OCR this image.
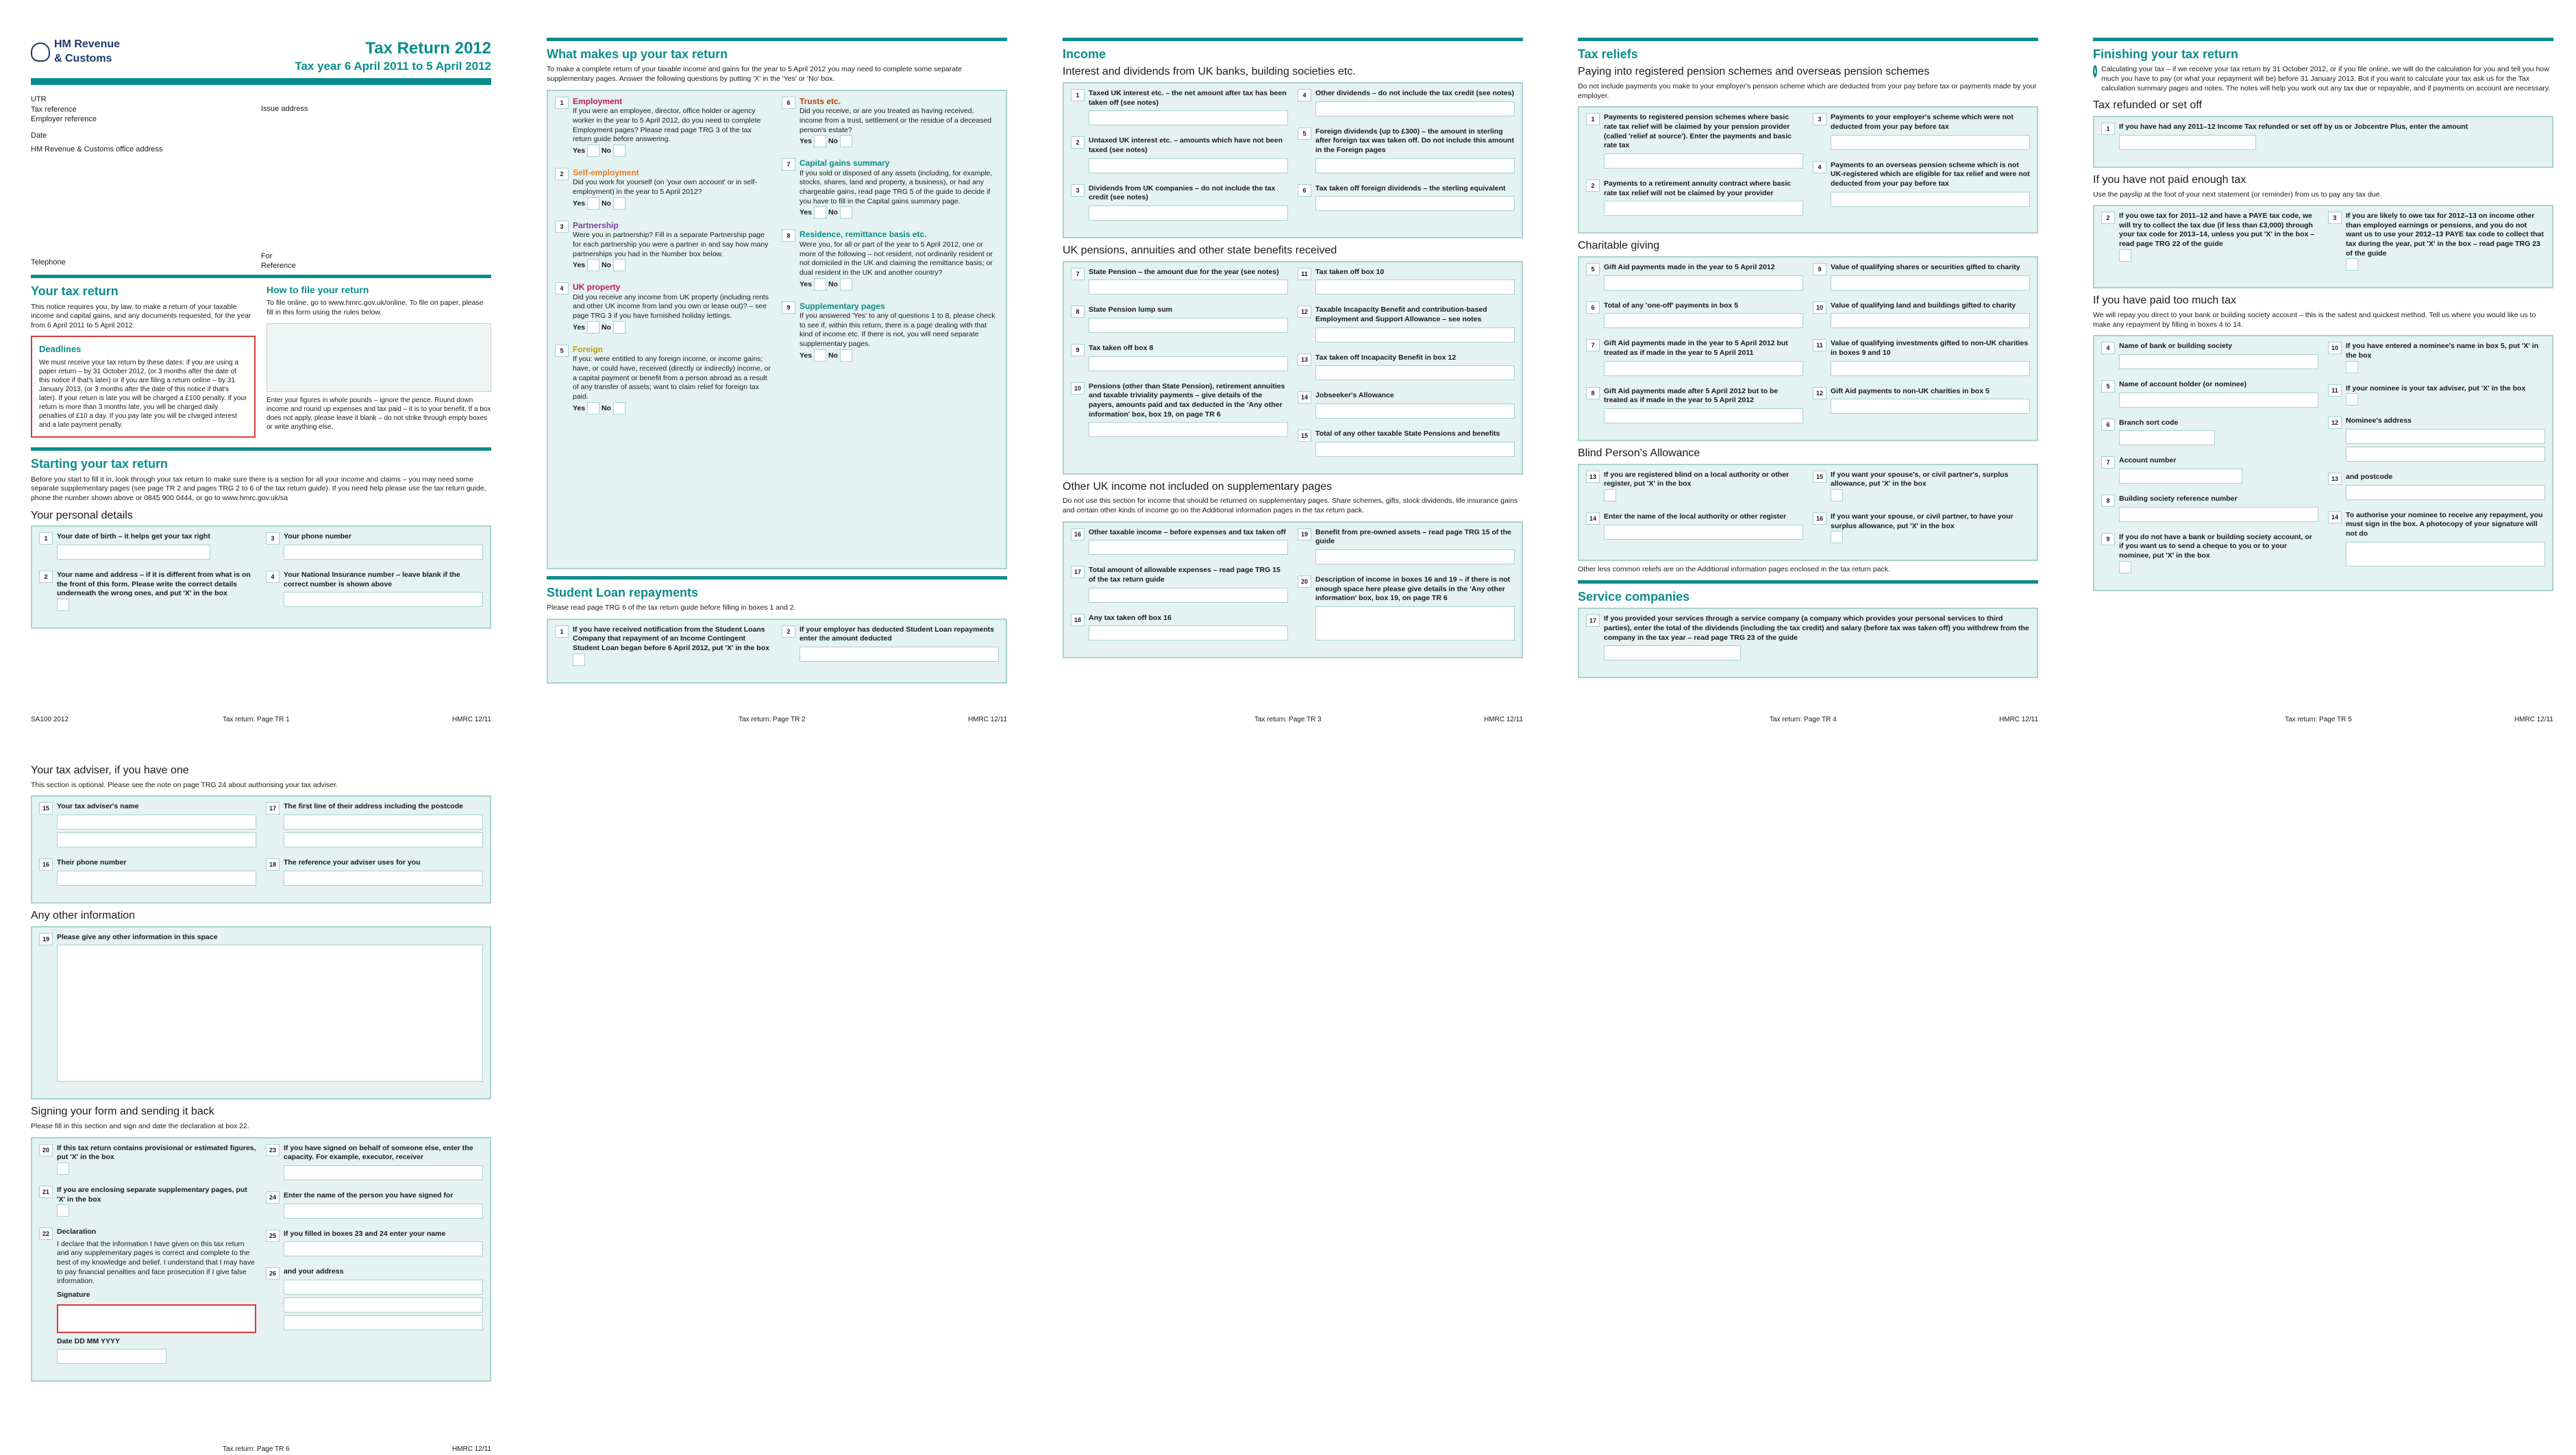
HM Revenue & Customs
Tax Return 2012
Tax year 6 April 2011 to 5 April 2012
UTR
Tax reference
Employer reference
Date
HM Revenue & Customs office address
Telephone
Issue address
For Reference
Your tax return
This notice requires you, by law, to make a return of your taxable income and capital gains, and any documents requested, for the year from 6 April 2011 to 5 April 2012.
Deadlines
We must receive your tax return by these dates: if you are using a paper return – by 31 October 2012, (or 3 months after the date of this notice if that's later) or if you are filing a return online – by 31 January 2013, (or 3 months after the date of this notice if that's later). If your return is late you will be charged a £100 penalty. If your return is more than 3 months late, you will be charged daily penalties of £10 a day. If you pay late you will be charged interest and a late payment penalty.
How to file your return
To file online, go to www.hmrc.gov.uk/online. To file on paper, please fill in this form using the rules below.
Enter your figures in whole pounds – ignore the pence. Round down income and round up expenses and tax paid – it is to your benefit. If a box does not apply, please leave it blank – do not strike through empty boxes or write anything else.
Starting your tax return
Before you start to fill it in, look through your tax return to make sure there is a section for all your income and claims – you may need some separate supplementary pages (see page TR 2 and pages TRG 2 to 6 of the tax return guide). If you need help please use the tax return guide, phone the number shown above or 0845 900 0444, or go to www.hmrc.gov.uk/sa
Your personal details
1	Your date of birth – it helps get your tax right
2	Your name and address – if it is different from what is on the front of this form. Please write the correct details underneath the wrong ones, and put 'X' in the box

3	Your phone number
4	Your National Insurance number – leave blank if the correct number is shown above
SA100 2012	Tax return: Page TR 1	HMRC 12/11
What makes up your tax return
To make a complete return of your taxable income and gains for the year to 5 April 2012 you may need to complete some separate supplementary pages. Answer the following questions by putting 'X' in the 'Yes' or 'No' box.
1	Employment
If you were an employee, director, office holder or agency worker in the year to 5 April 2012, do you need to complete Employment pages? Please read page TRG 3 of the tax return guide before answering.
Yes No
2	Self-employment
Did you work for yourself (on 'your own account' or in self-employment) in the year to 5 April 2012?
Yes No
3	Partnership
Were you in partnership? Fill in a separate Partnership page for each partnership you were a partner in and say how many partnerships you had in the Number box below.
Yes No
4	UK property
Did you receive any income from UK property (including rents and other UK income from land you own or lease out)? – see page TRG 3 if you have furnished holiday lettings.
Yes No
5	Foreign
If you: were entitled to any foreign income, or income gains; have, or could have, received (directly or indirectly) income, or a capital payment or benefit from a person abroad as a result of any transfer of assets; want to claim relief for foreign tax paid.
Yes No
6	Trusts etc.
Did you receive, or are you treated as having received, income from a trust, settlement or the residue of a deceased person's estate?
Yes No
7	Capital gains summary
If you sold or disposed of any assets (including, for example, stocks, shares, land and property, a business), or had any chargeable gains, read page TRG 5 of the guide to decide if you have to fill in the Capital gains summary page.
Yes No
8	Residence, remittance basis etc.
Were you, for all or part of the year to 5 April 2012, one or more of the following – not resident, not ordinarily resident or not domiciled in the UK and claiming the remittance basis; or dual resident in the UK and another country?
Yes No
9	Supplementary pages
If you answered 'Yes' to any of questions 1 to 8, please check to see if, within this return, there is a page dealing with that kind of income etc. If there is not, you will need separate supplementary pages.
Yes No
Student Loan repayments
Please read page TRG 6 of the tax return guide before filling in boxes 1 and 2.
1	If you have received notification from the Student Loans Company that repayment of an Income Contingent Student Loan began before 6 April 2012, put 'X' in the box

2	If your employer has deducted Student Loan repayments enter the amount deducted
Tax return: Page TR 2	HMRC 12/11
Income
Interest and dividends from UK banks, building societies etc.
1	Taxed UK interest etc. – the net amount after tax has been taken off (see notes)
2	Untaxed UK interest etc. – amounts which have not been taxed (see notes)
3	Dividends from UK companies – do not include the tax credit (see notes)
4	Other dividends – do not include the tax credit (see notes)
5	Foreign dividends (up to £300) – the amount in sterling after foreign tax was taken off. Do not include this amount in the Foreign pages
6	Tax taken off foreign dividends – the sterling equivalent
UK pensions, annuities and other state benefits received
7	State Pension – the amount due for the year (see notes)
8	State Pension lump sum
9	Tax taken off box 8
10	Pensions (other than State Pension), retirement annuities and taxable triviality payments – give details of the payers, amounts paid and tax deducted in the 'Any other information' box, box 19, on page TR 6
11	Tax taken off box 10
12	Taxable Incapacity Benefit and contribution-based Employment and Support Allowance – see notes
13	Tax taken off Incapacity Benefit in box 12
14	Jobseeker's Allowance
15	Total of any other taxable State Pensions and benefits
Other UK income not included on supplementary pages
Do not use this section for income that should be returned on supplementary pages. Share schemes, gifts, stock dividends, life insurance gains and certain other kinds of income go on the Additional information pages in the tax return pack.
16	Other taxable income – before expenses and tax taken off
17	Total amount of allowable expenses – read page TRG 15 of the tax return guide
18	Any tax taken off box 16
19	Benefit from pre-owned assets – read page TRG 15 of the guide
20	Description of income in boxes 16 and 19 – if there is not enough space here please give details in the 'Any other information' box, box 19, on page TR 6
Tax return: Page TR 3	HMRC 12/11
Tax reliefs
Paying into registered pension schemes and overseas pension schemes
Do not include payments you make to your employer's pension scheme which are deducted from your pay before tax or payments made by your employer.
1	Payments to registered pension schemes where basic rate tax relief will be claimed by your pension provider (called 'relief at source'). Enter the payments and basic rate tax
2	Payments to a retirement annuity contract where basic rate tax relief will not be claimed by your provider
3	Payments to your employer's scheme which were not deducted from your pay before tax
4	Payments to an overseas pension scheme which is not UK-registered which are eligible for tax relief and were not deducted from your pay before tax
Charitable giving
5	Gift Aid payments made in the year to 5 April 2012
6	Total of any 'one-off' payments in box 5
7	Gift Aid payments made in the year to 5 April 2012 but treated as if made in the year to 5 April 2011
8	Gift Aid payments made after 5 April 2012 but to be treated as if made in the year to 5 April 2012
9	Value of qualifying shares or securities gifted to charity
10	Value of qualifying land and buildings gifted to charity
11	Value of qualifying investments gifted to non-UK charities in boxes 9 and 10
12	Gift Aid payments to non-UK charities in box 5
Blind Person's Allowance
13	If you are registered blind on a local authority or other register, put 'X' in the box

14	Enter the name of the local authority or other register
15	If you want your spouse's, or civil partner's, surplus allowance, put 'X' in the box

16	If you want your spouse, or civil partner, to have your surplus allowance, put 'X' in the box

Other less common reliefs are on the Additional information pages enclosed in the tax return pack.
Service companies
17	If you provided your services through a service company (a company which provides your personal services to third parties), enter the total of the dividends (including the tax credit) and salary (before tax was taken off) you withdrew from the company in the tax year – read page TRG 23 of the guide
Tax return: Page TR 4	HMRC 12/11
Finishing your tax return
i Calculating your tax – if we receive your tax return by 31 October 2012, or if you file online, we will do the calculation for you and tell you how much you have to pay (or what your repayment will be) before 31 January 2013. But if you want to calculate your tax ask us for the Tax calculation summary pages and notes. The notes will help you work out any tax due or repayable, and if payments on account are necessary.
Tax refunded or set off
1	If you have had any 2011–12 Income Tax refunded or set off by us or Jobcentre Plus, enter the amount
If you have not paid enough tax
Use the payslip at the foot of your next statement (or reminder) from us to pay any tax due.
2	If you owe tax for 2011–12 and have a PAYE tax code, we will try to collect the tax due (if less than £3,000) through your tax code for 2013–14, unless you put 'X' in the box – read page TRG 22 of the guide

3	If you are likely to owe tax for 2012–13 on income other than employed earnings or pensions, and you do not want us to use your 2012–13 PAYE tax code to collect that tax during the year, put 'X' in the box – read page TRG 23 of the guide

If you have paid too much tax
We will repay you direct to your bank or building society account – this is the safest and quickest method. Tell us where you would like us to make any repayment by filling in boxes 4 to 14.
4	Name of bank or building society
5	Name of account holder (or nominee)
6	Branch sort code
7	Account number
8	Building society reference number
9	If you do not have a bank or building society account, or if you want us to send a cheque to you or to your nominee, put 'X' in the box

10	If you have entered a nominee's name in box 5, put 'X' in the box

11	If your nominee is your tax adviser, put 'X' in the box

12	Nominee's address
13	and postcode
14	To authorise your nominee to receive any repayment, you must sign in the box. A photocopy of your signature will not do
Tax return: Page TR 5	HMRC 12/11
Your tax adviser, if you have one
This section is optional. Please see the note on page TRG 24 about authorising your tax adviser.
15	Your tax adviser's name
16	Their phone number
17	The first line of their address including the postcode
18	The reference your adviser uses for you
Any other information
19	Please give any other information in this space
Signing your form and sending it back
Please fill in this section and sign and date the declaration at box 22.
20	If this tax return contains provisional or estimated figures, put 'X' in the box

21	If you are enclosing separate supplementary pages, put 'X' in the box

22	Declaration
I declare that the information I have given on this tax return and any supplementary pages is correct and complete to the best of my knowledge and belief. I understand that I may have to pay financial penalties and face prosecution if I give false information.
Signature
Date DD MM YYYY
23	If you have signed on behalf of someone else, enter the capacity. For example, executor, receiver
24	Enter the name of the person you have signed for
25	If you filled in boxes 23 and 24 enter your name
26	and your address
Tax return: Page TR 6	HMRC 12/11
